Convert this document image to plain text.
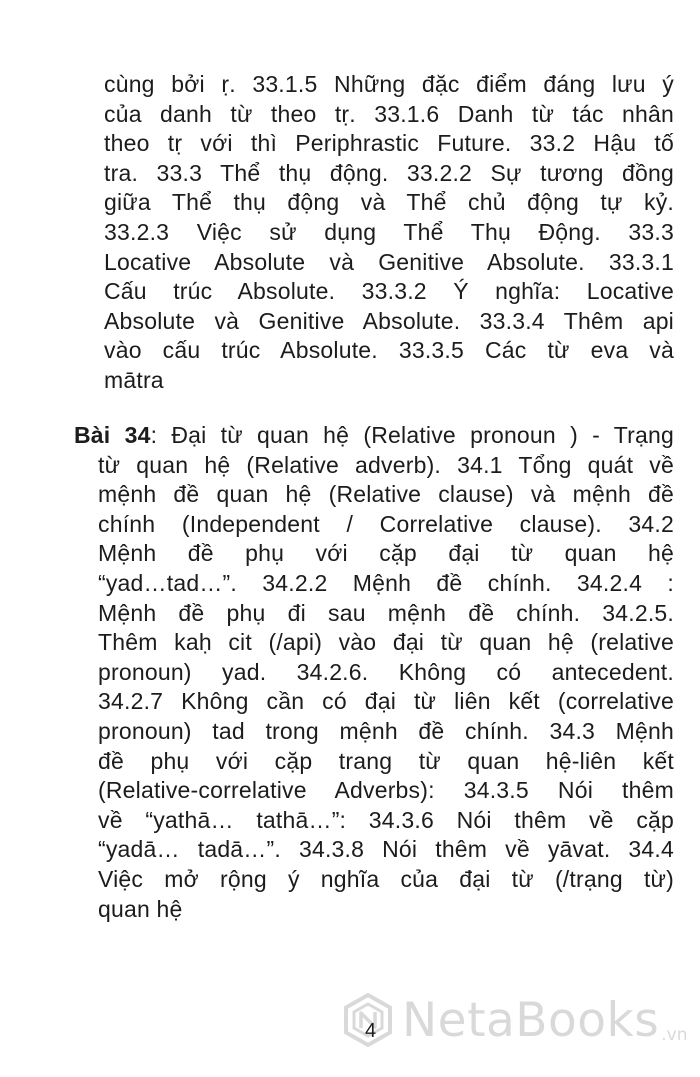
cùng bởi ṛ. 33.1.5 Những đặc điểm đáng lưu ý
của danh từ theo tṛ. 33.1.6 Danh từ tác nhân
theo tṛ với thì Periphrastic Future. 33.2 Hậu tố
tra. 33.3 Thể thụ động. 33.2.2 Sự tương đồng
giữa Thể thụ động và Thể chủ động tự kỷ.
33.2.3 Việc sử dụng Thể Thụ Động. 33.3
Locative Absolute và Genitive Absolute. 33.3.1
Cấu trúc Absolute. 33.3.2 Ý nghĩa: Locative
Absolute và Genitive Absolute. 33.3.4 Thêm api
vào cấu trúc Absolute. 33.3.5 Các từ eva và
mātra
Bài 34: Đại từ quan hệ (Relative pronoun ) - Trạng
từ quan hệ (Relative adverb). 34.1 Tổng quát về
mệnh đề quan hệ (Relative clause) và mệnh đề
chính (Independent / Correlative clause). 34.2
Mệnh đề phụ với cặp đại từ quan hệ
“yad…tad…”. 34.2.2 Mệnh đề chính. 34.2.4 :
Mệnh đề phụ đi sau mệnh đề chính. 34.2.5.
Thêm kaḥ cit (/api) vào đại từ quan hệ (relative
pronoun) yad. 34.2.6. Không có antecedent.
34.2.7 Không cần có đại từ liên kết (correlative
pronoun) tad trong mệnh đề chính. 34.3 Mệnh
đề phụ với cặp trang từ quan hệ-liên kết
(Relative-correlative Adverbs): 34.3.5 Nói thêm
về “yathā… tathā…”: 34.3.6 Nói thêm về cặp
“yadā… tadā…”. 34.3.8 Nói thêm về yāvat. 34.4
Việc mở rộng ý nghĩa của đại từ (/trạng từ)
quan hệ
NetaBooks .vn
4
